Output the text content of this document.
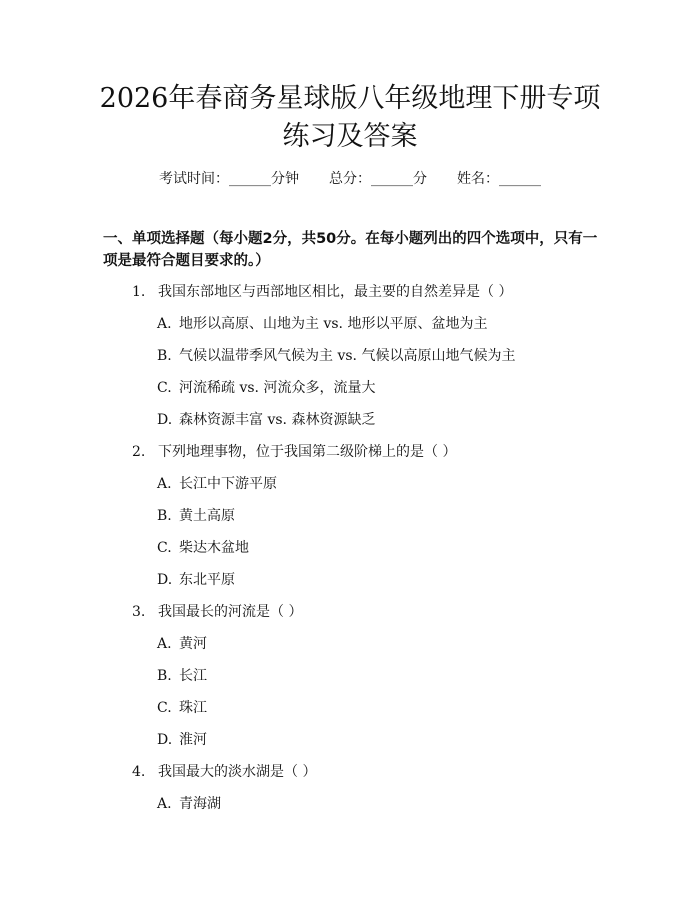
2026年春商务星球版八年级地理下册专项练习及答案
考试时间：______分钟 总分：______分 姓名：______

一、单项选择题（每小题2分，共50分。在每小题列出的四个选项中，只有一项是最符合题目要求的。）

1. 我国东部地区与西部地区相比，最主要的自然差异是（ ）
A. 地形以高原、山地为主 vs. 地形以平原、盆地为主
B. 气候以温带季风气候为主 vs. 气候以高原山地气候为主
C. 河流稀疏 vs. 河流众多，流量大
D. 森林资源丰富 vs. 森林资源缺乏
2. 下列地理事物，位于我国第二级阶梯上的是（ ）
A. 长江中下游平原
B. 黄土高原
C. 柴达木盆地
D. 东北平原
3. 我国最长的河流是（ ）
A. 黄河
B. 长江
C. 珠江
D. 淮河
4. 我国最大的淡水湖是（ ）
A. 青海湖
